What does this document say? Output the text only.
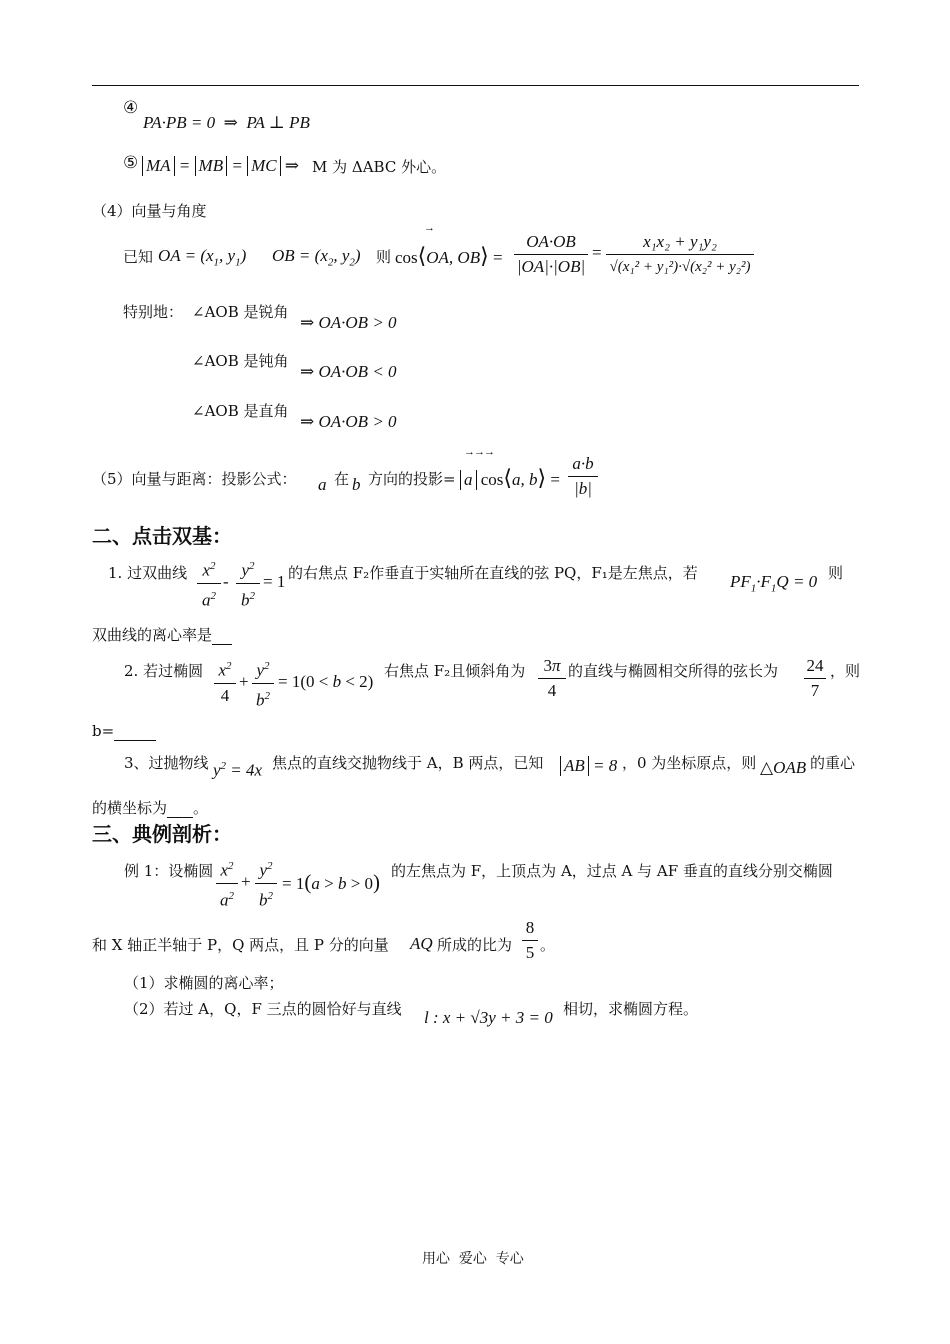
④
PA·PB = 0  ⇒  PA ⊥ PB
⑤ MA = MB = MC ⇒ M 为 ΔABC 外心。
（4）向量与角度
已知 OA = ($x_1$, $y_1$) OB = ($x_2$, $y_2$) 则 cos⟨OA, OB⟩ =
→
OA·OB
|OA|·|OB|
=
x₁x₂ + y₁y₂
√(x₁² + y₁²)·√(x₂² + y₂²)
特别地： ∠AOB 是锐角
⇒ OA·OB > 0
∠AOB 是钝角
⇒ OA·OB < 0
∠AOB 是直角
⇒ OA·OB > 0
（5）向量与距离：投影公式： a 在 b 方向的投影=
→→→
a cos⟨a, b⟩ =
a·b
|b|
二、点击双基：
1. 过双曲线 $x^2$
$a^2$
-
$y^2$
$b^2$
= 1 的右焦点 F₂作垂直于实轴所在直线的弦 PQ，F₁是左焦点，若 $PF_1\cdot F_1Q = 0$ 则
双曲线的离心率是
2. 若过椭圆 $x^2$
4
+
$y^2$
$b^2$
= 1(0 < b < 2)
右焦点 F₂且倾斜角为	3π
4
的直线与椭圆相交所得的弦长为 24
7
，则
b=
3、过抛物线 $y^2 = 4x$ 焦点的直线交抛物线于 A，B 两点，已知 AB = 8 ，0 为坐标原点，则 △OAB 的重心
的横坐标为 。
三、典例剖析：
例 1：设椭圆 $x^2$
$a^2$
+
$y^2$
$b^2$
= 1(a > b > 0) 的左焦点为 F，上顶点为 A，过点 A 与 AF 垂直的直线分别交椭圆
和 X 轴正半轴于 P，Q 两点，且 P 分的向量 AQ 所成的比为
8
5 。
（1）求椭圆的离心率；
（2）若过 A，Q，F 三点的圆恰好与直线 l : x + √3y + 3 = 0 相切，求椭圆方程。
用心  爱心  专心
